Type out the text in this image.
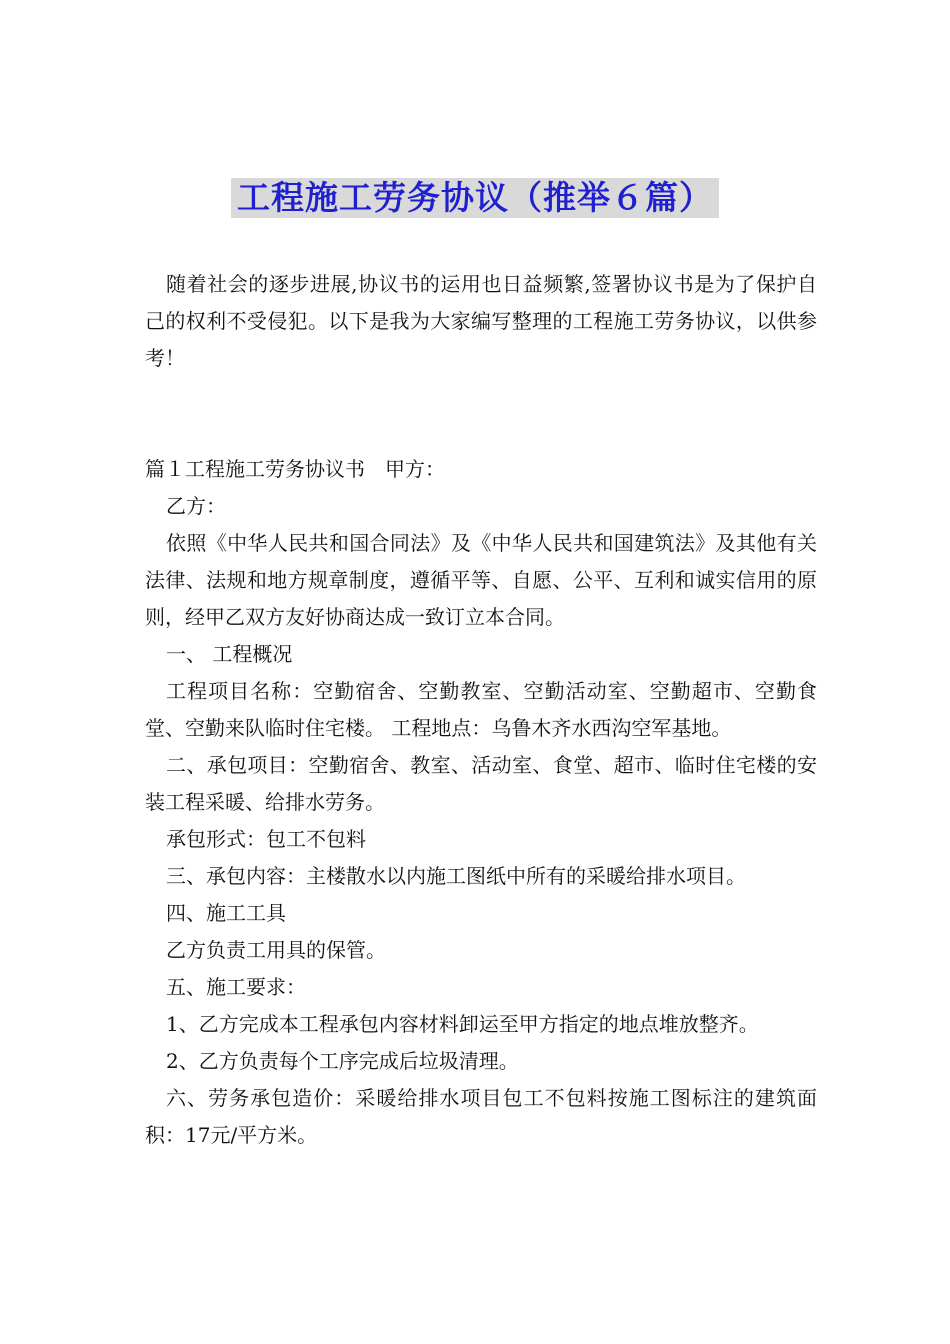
工程施工劳务协议（推举６篇）

随着社会的逐步进展,协议书的运用也日益频繁,签署协议书是为了保护自己的权利不受侵犯。以下是我为大家编写整理的工程施工劳务协议，以供参考！

篇１工程施工劳务协议书　甲方：

乙方：

依照《中华人民共和国合同法》及《中华人民共和国建筑法》及其他有关法律、法规和地方规章制度，遵循平等、自愿、公平、互利和诚实信用的原则，经甲乙双方友好协商达成一致订立本合同。

一、 工程概况

工程项目名称：空勤宿舍、空勤教室、空勤活动室、空勤超市、空勤食堂、空勤来队临时住宅楼。 工程地点：乌鲁木齐水西沟空军基地。

二、承包项目：空勤宿舍、教室、活动室、食堂、超市、临时住宅楼的安装工程采暖、给排水劳务。

承包形式：包工不包料

三、承包内容：主楼散水以内施工图纸中所有的采暖给排水项目。

四、施工工具

乙方负责工用具的保管。

五、施工要求：

1、乙方完成本工程承包内容材料卸运至甲方指定的地点堆放整齐。

2、乙方负责每个工序完成后垃圾清理。

六、劳务承包造价：采暖给排水项目包工不包料按施工图标注的建筑面积：17元/平方米。
